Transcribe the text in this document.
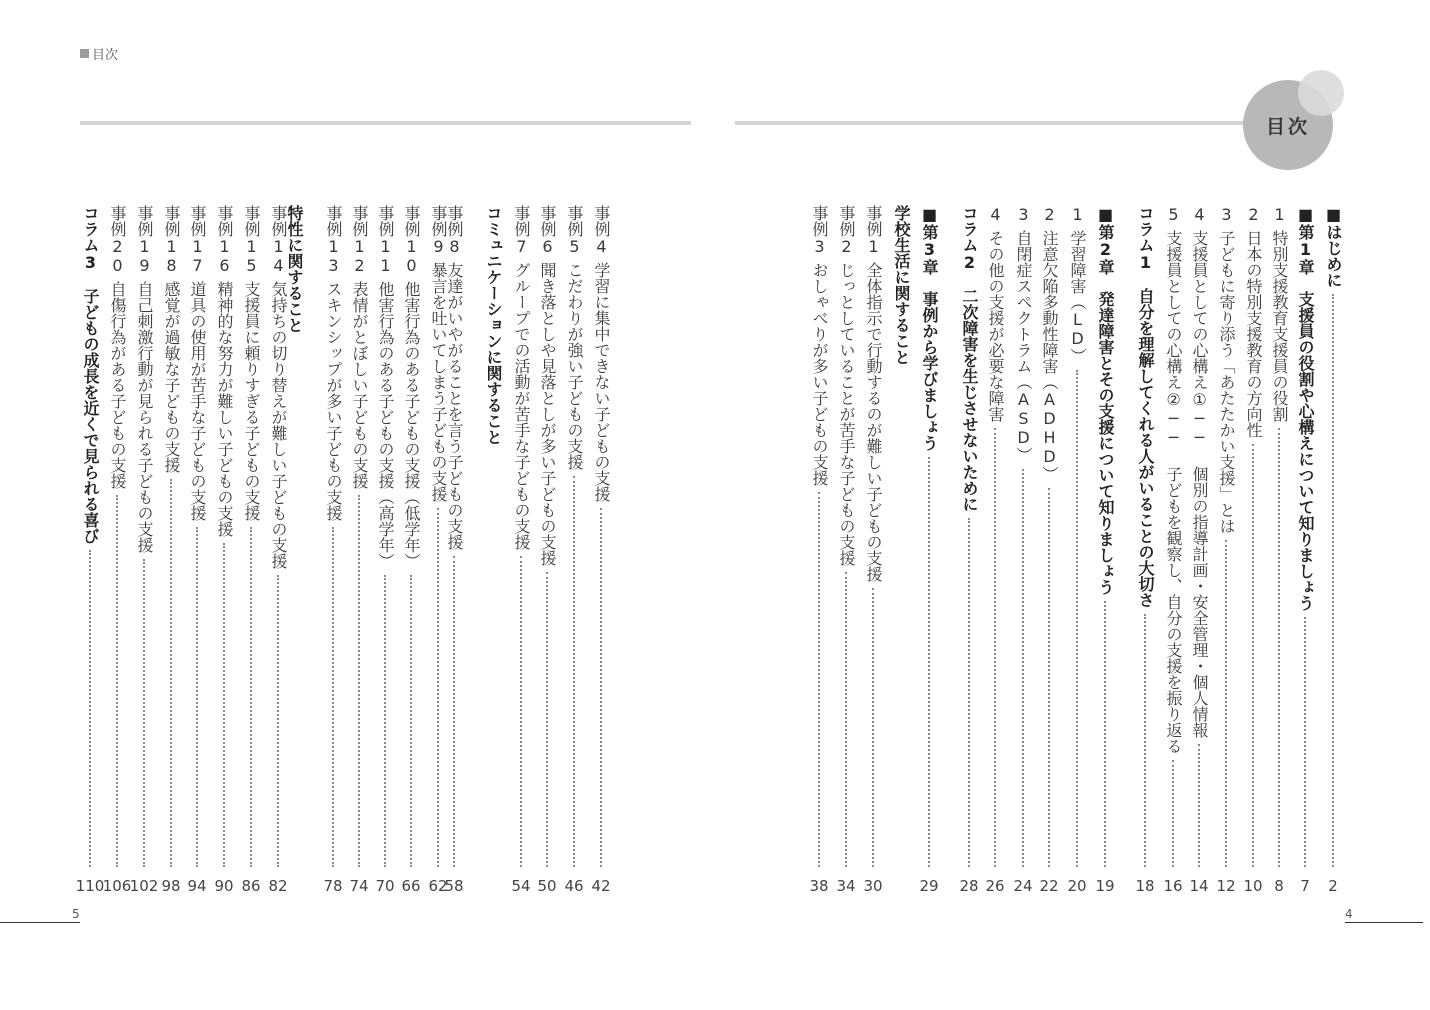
目次
目次
■はじめに
2
■第1章　支援員の役割や心構えについて知りましょう
7
1
特別支援教育支援員の役割
8
2
日本の特別支援教育の方向性
10
3
子どもに寄り添う「あたたかい支援」とは
12
4
支援員としての心構え①── 個別の指導計画・安全管理・個人情報
14
5
支援員としての心構え②── 子どもを観察し、自分の支援を振り返る
16
コラム1　自分を理解してくれる人がいることの大切さ
18
■第2章　発達障害とその支援について知りましょう
19
1
学習障害（LD）
20
2
注意欠陥多動性障害（ADHD）
22
3
自閉症スペクトラム（ASD）
24
4
その他の支援が必要な障害
26
コラム2　二次障害を生じさせないために
28
■第3章　事例から学びましょう
29
学校生活に関すること
事例1
全体指示で行動するのが難しい子どもの支援
30
事例2
じっとしていることが苦手な子どもの支援
34
事例3
おしゃべりが多い子どもの支援
38
事例4
学習に集中できない子どもの支援
42
事例5
こだわりが強い子どもの支援
46
事例6
聞き落としや見落としが多い子どもの支援
50
事例7
グループでの活動が苦手な子どもの支援
54
コミュニケーションに関すること
事例8
友達がいやがることを言う子どもの支援
58
事例9
暴言を吐いてしまう子どもの支援
62
事例10
他害行為のある子どもの支援（低学年）
66
事例11
他害行為のある子どもの支援（高学年）
70
事例12
表情がとぼしい子どもの支援
74
事例13
スキンシップが多い子どもの支援
78
特性に関すること
事例14
気持ちの切り替えが難しい子どもの支援
82
事例15
支援員に頼りすぎる子どもの支援
86
事例16
精神的な努力が難しい子どもの支援
90
事例17
道具の使用が苦手な子どもの支援
94
事例18
感覚が過敏な子どもの支援
98
事例19
自己刺激行動が見られる子どもの支援
102
事例20
自傷行為がある子どもの支援
106
コラム3　子どもの成長を近くで見られる喜び
110
5	4
